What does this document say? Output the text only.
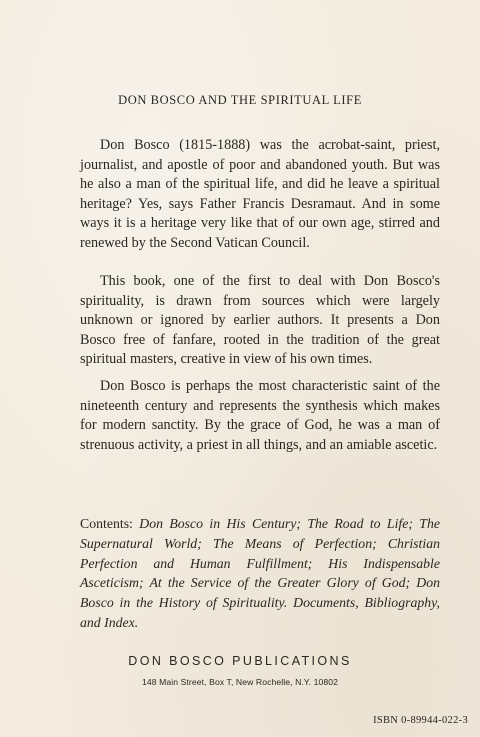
DON BOSCO AND THE SPIRITUAL LIFE

Don Bosco (1815-1888) was the acrobat-saint, priest, journalist, and apostle of poor and abandoned youth. But was he also a man of the spiritual life, and did he leave a spiritual heritage? Yes, says Father Francis Desramaut. And in some ways it is a heritage very like that of our own age, stirred and renewed by the Second Vatican Council.

This book, one of the first to deal with Don Bosco's spirituality, is drawn from sources which were largely unknown or ignored by earlier authors. It presents a Don Bosco free of fanfare, rooted in the tradition of the great spiritual masters, creative in view of his own times.

Don Bosco is perhaps the most characteristic saint of the nineteenth century and represents the synthesis which makes for modern sanctity. By the grace of God, he was a man of strenuous activity, a priest in all things, and an amiable ascetic.

Contents: Don Bosco in His Century; The Road to Life; The Supernatural World; The Means of Perfection; Christian Perfection and Human Fulfillment; His Indispensable Asceticism; At the Service of the Greater Glory of God; Don Bosco in the History of Spirituality. Documents, Bibliography, and Index.

DON BOSCO PUBLICATIONS
148 Main Street, Box T, New Rochelle, N.Y. 10802
ISBN 0-89944-022-3
